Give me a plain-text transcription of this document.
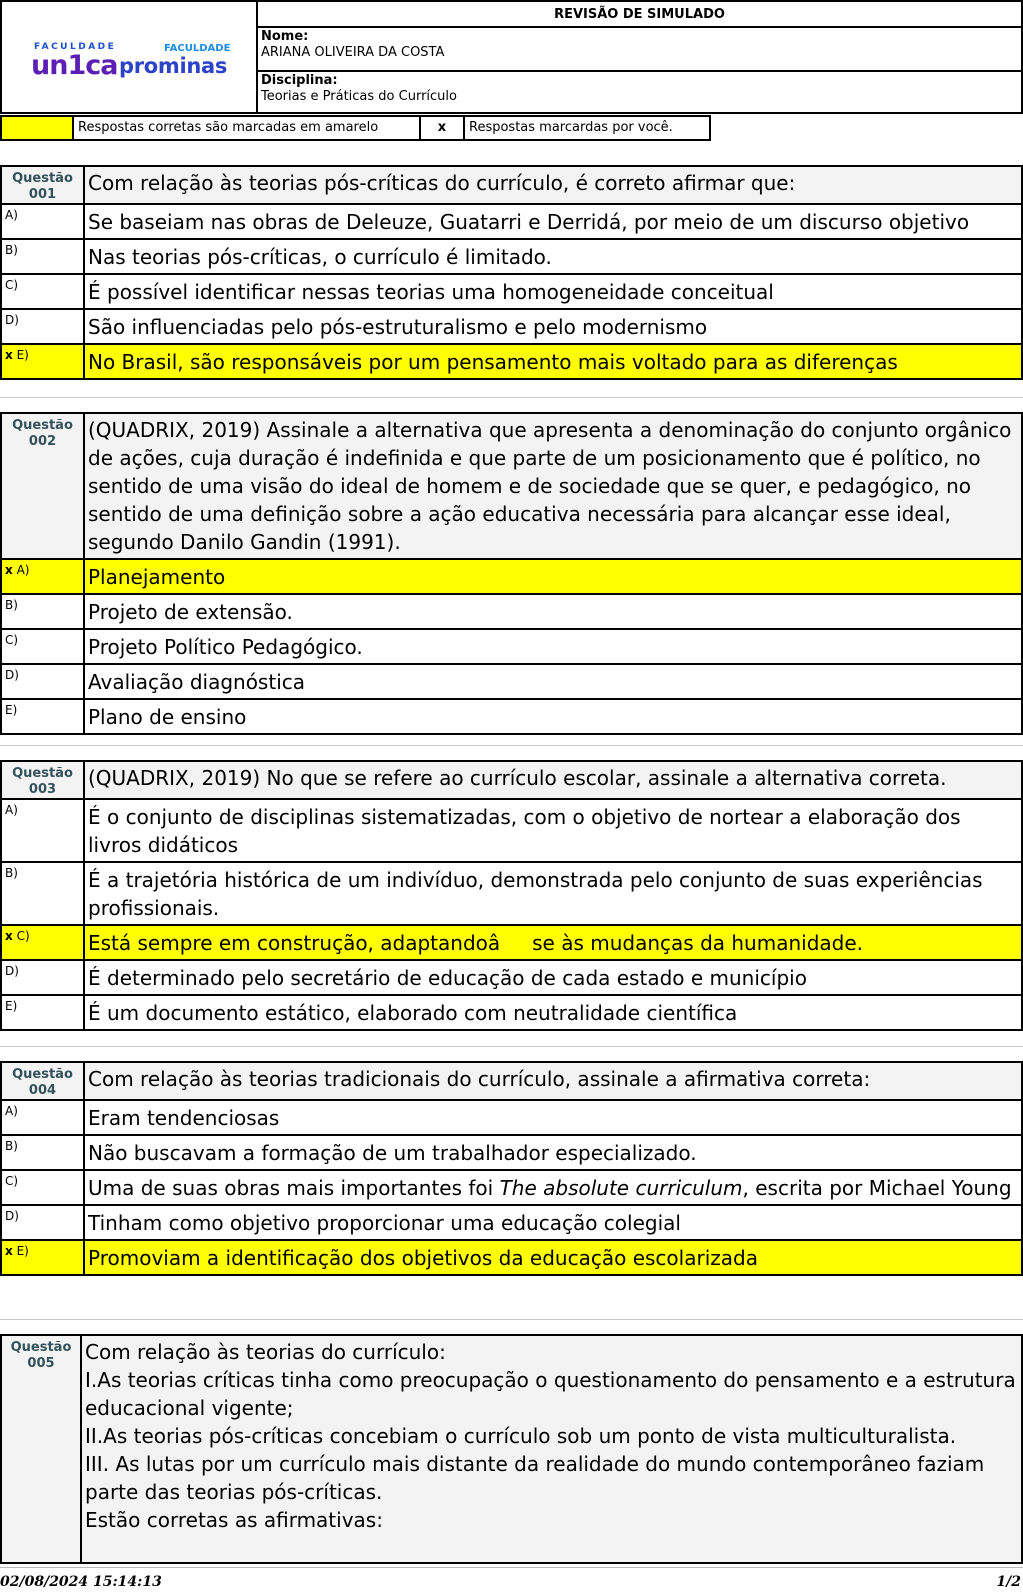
FACULDADE
un1ca
FACULDADE
prominas
REVISÃO DE SIMULADO
Nome:
ARIANA OLIVEIRA DA COSTA
Disciplina:
Teorias e Práticas do Currículo
Respostas corretas são marcadas em amarelo	x	Respostas marcardas por você.
Questão
001	Com relação às teorias pós-críticas do currículo, é correto afirmar que:
A)	Se baseiam nas obras de Deleuze, Guatarri e Derridá, por meio de um discurso objetivo
B)	Nas teorias pós-críticas, o currículo é limitado.
C)	É possível identificar nessas teorias uma homogeneidade conceitual
D)	São influenciadas pelo pós-estruturalismo e pelo modernismo
x E)	No Brasil, são responsáveis por um pensamento mais voltado para as diferenças
Questão
002	(QUADRIX, 2019) Assinale a alternativa que apresenta a denominação do conjunto orgânico de ações, cuja duração é indefinida e que parte de um posicionamento que é político, no sentido de uma visão do ideal de homem e de sociedade que se quer, e pedagógico, no sentido de uma definição sobre a ação educativa necessária para alcançar esse ideal, segundo Danilo Gandin (1991).
x A)	Planejamento
B)	Projeto de extensão.
C)	Projeto Político Pedagógico.
D)	Avaliação diagnóstica
E)	Plano de ensino
Questão
003	(QUADRIX, 2019) No que se refere ao currículo escolar, assinale a alternativa correta.
A)	É o conjunto de disciplinas sistematizadas, com o objetivo de nortear a elaboração dos livros didáticos
B)	É a trajetória histórica de um indivíduo, demonstrada pelo conjunto de suas experiências profissionais.
x C)	Está sempre em construção, adaptandoâse às mudanças da humanidade.
D)	É determinado pelo secretário de educação de cada estado e município
E)	É um documento estático, elaborado com neutralidade científica
Questão
004	Com relação às teorias tradicionais do currículo, assinale a afirmativa correta:
A)	Eram tendenciosas
B)	Não buscavam a formação de um trabalhador especializado.
C)	Uma de suas obras mais importantes foi The absolute curriculum, escrita por Michael Young
D)	Tinham como objetivo proporcionar uma educação colegial
x E)	Promoviam a identificação dos objetivos da educação escolarizada
Questão
005	Com relação às teorias do currículo:
I.As teorias críticas tinha como preocupação o questionamento do pensamento e a estrutura educacional vigente;
II.As teorias pós-críticas concebiam o currículo sob um ponto de vista multiculturalista.
III. As lutas por um currículo mais distante da realidade do mundo contemporâneo faziam parte das teorias pós-críticas.
Estão corretas as afirmativas:
02/08/2024 15:14:13	1/2
